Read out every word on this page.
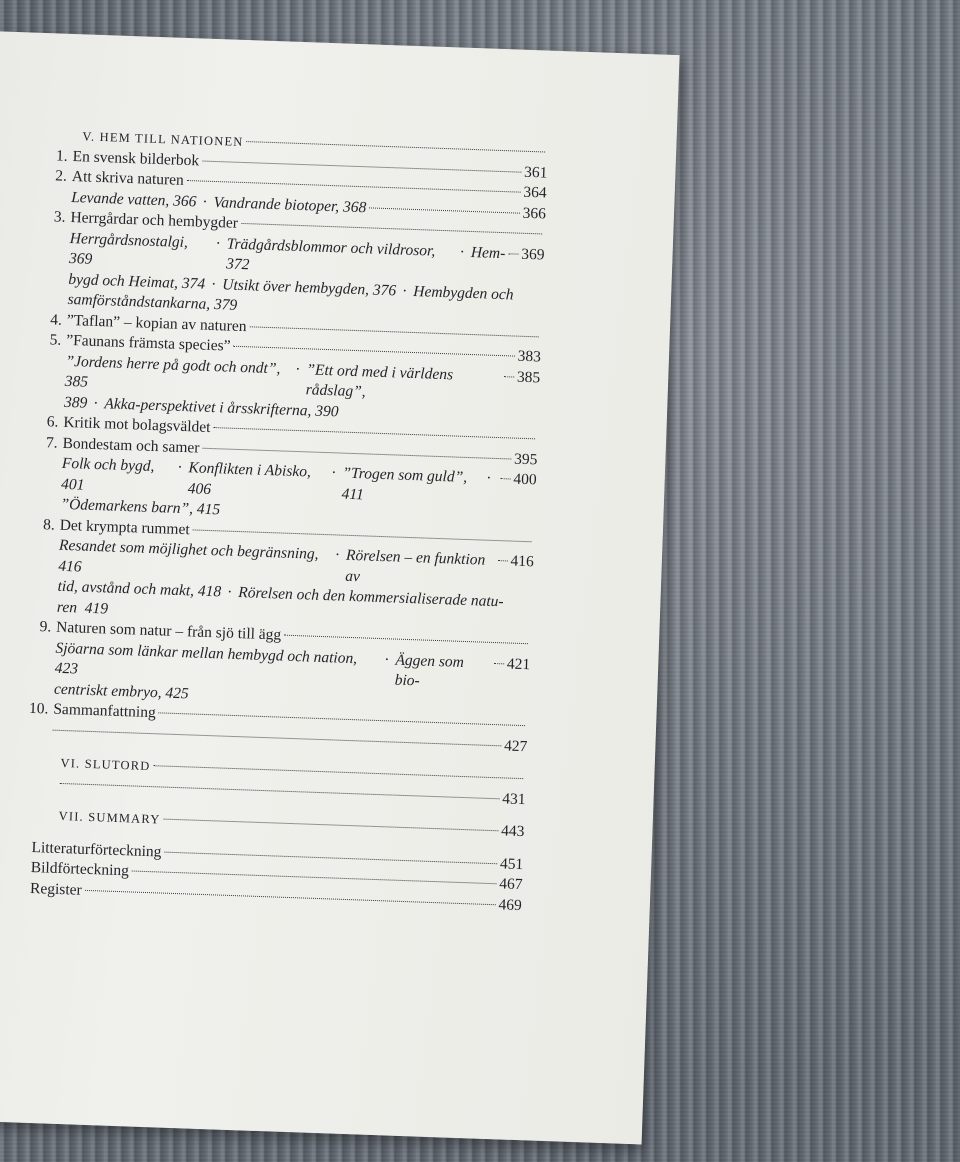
V. HEM TILL NATIONEN
1. En svensk bilderbok
361
2. Att skriva naturen
364
Levande vatten, 366 · Vandrande biotoper, 368	366
3. Herrgårdar och hembygder
Herrgårdsnostalgi, 369
· Trädgårdsblommor och vildrosor, 372
· Hem- 369
bygd och Heimat, 374 · Utsikt över hembygden, 376 · Hembygden och
samförståndstankarna, 379
4. ”Taflan” – kopian av naturen
5. ”Faunans främsta species”
383
”Jordens herre på godt och ondt”, 385
· ”Ett ord med i världens rådslag”,
385
389 · Akka-perspektivet i årsskrifterna, 390
6. Kritik mot bolagsväldet
7. Bondestam och samer
395
Folk och bygd, 401
· Konflikten i Abisko, 406
· ”Trogen som guld”, 411
· 400
”Ödemarkens barn”, 415
8. Det krympta rummet
Resandet som möjlighet och begränsning, 416
· Rörelsen – en funktion av
416
tid, avstånd och makt, 418 · Rörelsen och den kommersialiserade natu-
ren  419
9. Naturen som natur – från sjö till ägg
Sjöarna som länkar mellan hembygd och nation, 423
· Äggen som bio-
421
centriskt embryo, 425
10. Sammanfattning
427
VI. SLUTORD
431
VII. SUMMARY
443
Litteraturförteckning
451
Bildförteckning
467
Register
469
